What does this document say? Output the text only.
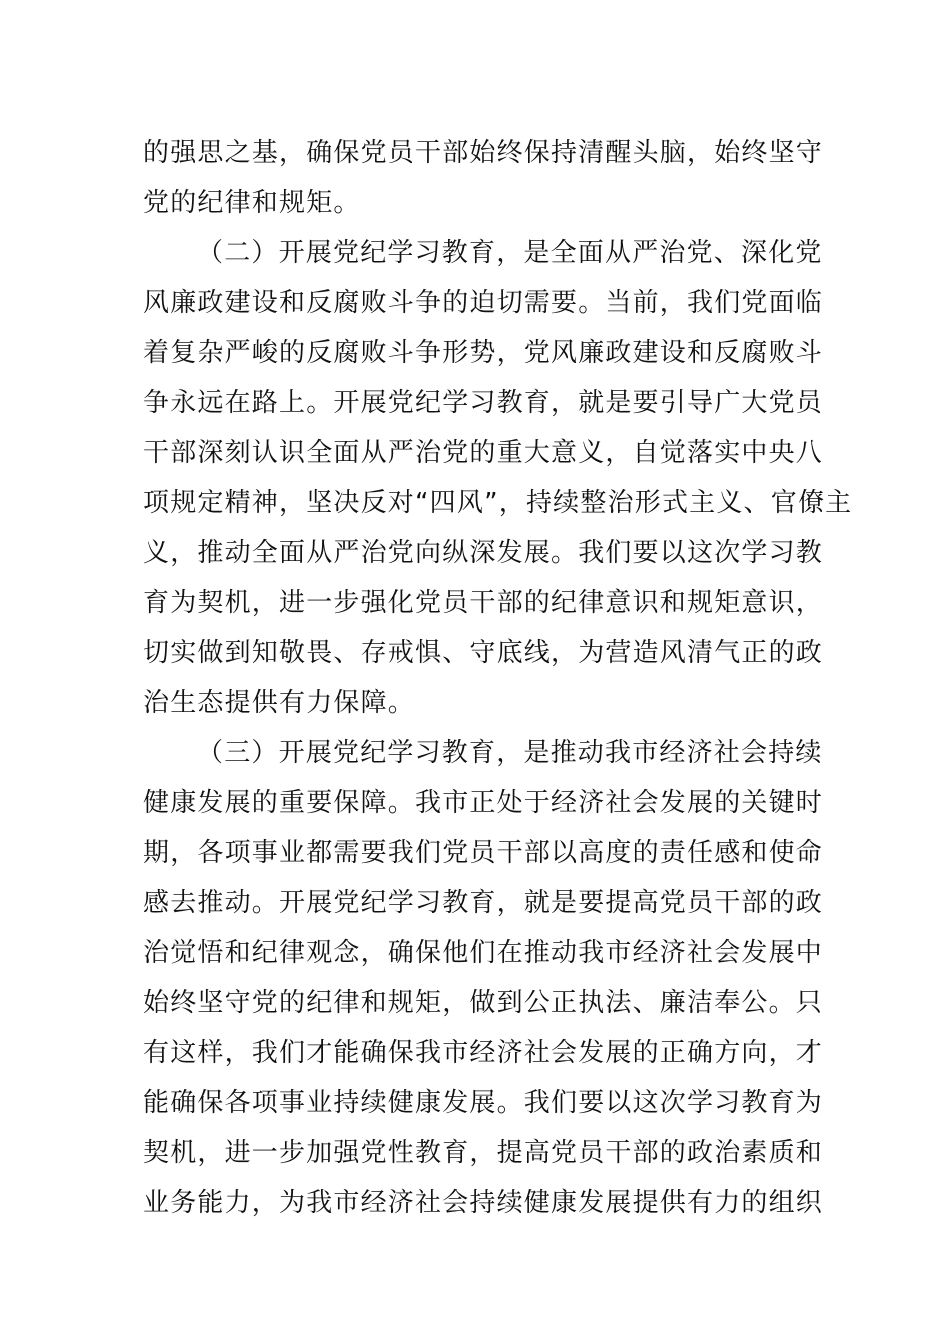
的强思之基，确保党员干部始终保持清醒头脑，始终坚守
党的纪律和规矩。
（二）开展党纪学习教育，是全面从严治党、深化党
风廉政建设和反腐败斗争的迫切需要。当前，我们党面临
着复杂严峻的反腐败斗争形势，党风廉政建设和反腐败斗
争永远在路上。开展党纪学习教育，就是要引导广大党员
干部深刻认识全面从严治党的重大意义，自觉落实中央八
项规定精神，坚决反对“四风”，持续整治形式主义、官僚主
义，推动全面从严治党向纵深发展。我们要以这次学习教
育为契机，进一步强化党员干部的纪律意识和规矩意识，
切实做到知敬畏、存戒惧、守底线，为营造风清气正的政
治生态提供有力保障。
（三）开展党纪学习教育，是推动我市经济社会持续
健康发展的重要保障。我市正处于经济社会发展的关键时
期，各项事业都需要我们党员干部以高度的责任感和使命
感去推动。开展党纪学习教育，就是要提高党员干部的政
治觉悟和纪律观念，确保他们在推动我市经济社会发展中
始终坚守党的纪律和规矩，做到公正执法、廉洁奉公。只
有这样，我们才能确保我市经济社会发展的正确方向，才
能确保各项事业持续健康发展。我们要以这次学习教育为
契机，进一步加强党性教育，提高党员干部的政治素质和
业务能力，为我市经济社会持续健康发展提供有力的组织
